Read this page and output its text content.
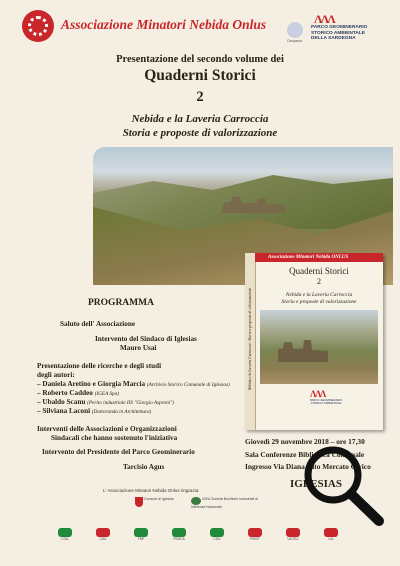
Associazione Minatori Nebida Onlus	ΛΛΛ
PARCO GEOMINERARIO
STORICO AMBIENTALE
DELLA SARDEGNA
Geoparco
Presentazione del secondo volume dei
Quaderni Storici
2
Nebida e la Laveria Carroccia
Storia e proposte di valorizzazione
PROGRAMMA
Saluto dell' Associazione
Intervento del Sindaco di Iglesias
Mauro Usai
Presentazione delle ricerche e degli studi
degli autori:
– Daniela Aretino e Giorgia Marcia (Archivio Storico Comunale di Iglesias)
– Roberto Caddeo (IGEA Spa)
– Ubaldo Scanu (Perito industriale IIS "Giorgio Asproni")
– Silviana Laconi (Dottoranda in Architettura)
Interventi delle Associazioni e Organizzazioni
Sindacali che hanno sostenuto l'iniziativa
Intervento del Presidente del Parco Geominerario
Tarcisio Agus
Nebida e la Laveria Carroccia · Storia e proposte di valorizzazione
Associazione Minatori Nebida ONLUS
Quaderni Storici
2
Nebida e la Laveria Carroccia
Storia e proposte di valorizzazione
ΛΛΛ
PARCO GEOMINERARIO
STORICO AMBIENTALE
Giovedì 29 novembre 2018 – ore 17,30
Sala Conferenze Biblioteca Comunale
Ingresso Via Diana, lato Mercato Civico
IGLESIAS
L' Associazione Minatori Nebida Onlus ringrazia:
Comune di Iglesias	IGEA Società Bonifiche Industriali di Interesse Nazionale
CGIL	CISL	FNP	FEMCA	CISL	FIRST	UILTEC	UIL
